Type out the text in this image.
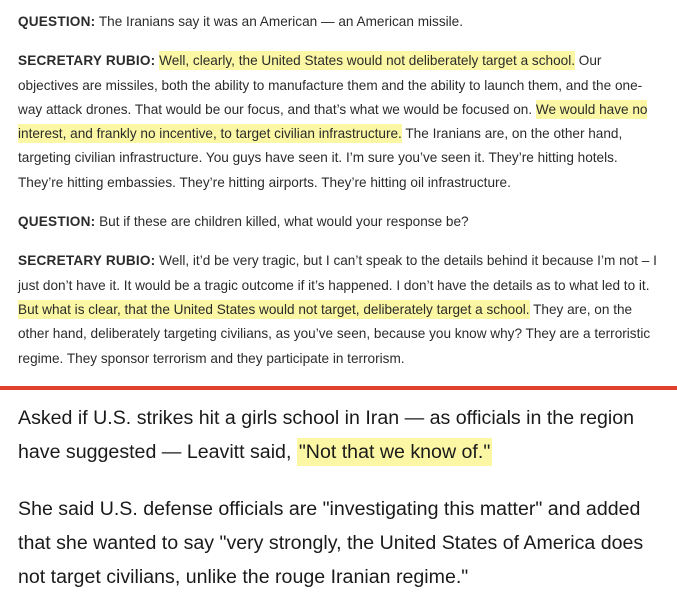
QUESTION: The Iranians say it was an American — an American missile.

SECRETARY RUBIO: Well, clearly, the United States would not deliberately target a school. Our objectives are missiles, both the ability to manufacture them and the ability to launch them, and the one-way attack drones. That would be our focus, and that’s what we would be focused on. We would have no interest, and frankly no incentive, to target civilian infrastructure. The Iranians are, on the other hand, targeting civilian infrastructure. You guys have seen it. I’m sure you’ve seen it. They’re hitting hotels. They’re hitting embassies. They’re hitting airports. They’re hitting oil infrastructure.

QUESTION: But if these are children killed, what would your response be?

SECRETARY RUBIO: Well, it’d be very tragic, but I can’t speak to the details behind it because I’m not – I just don’t have it. It would be a tragic outcome if it’s happened. I don’t have the details as to what led to it. But what is clear, that the United States would not target, deliberately target a school. They are, on the other hand, deliberately targeting civilians, as you’ve seen, because you know why? They are a terroristic regime. They sponsor terrorism and they participate in terrorism.

Asked if U.S. strikes hit a girls school in Iran — as officials in the region have suggested — Leavitt said, "Not that we know of."

She said U.S. defense officials are "investigating this matter" and added that she wanted to say "very strongly, the United States of America does not target civilians, unlike the rouge Iranian regime."
